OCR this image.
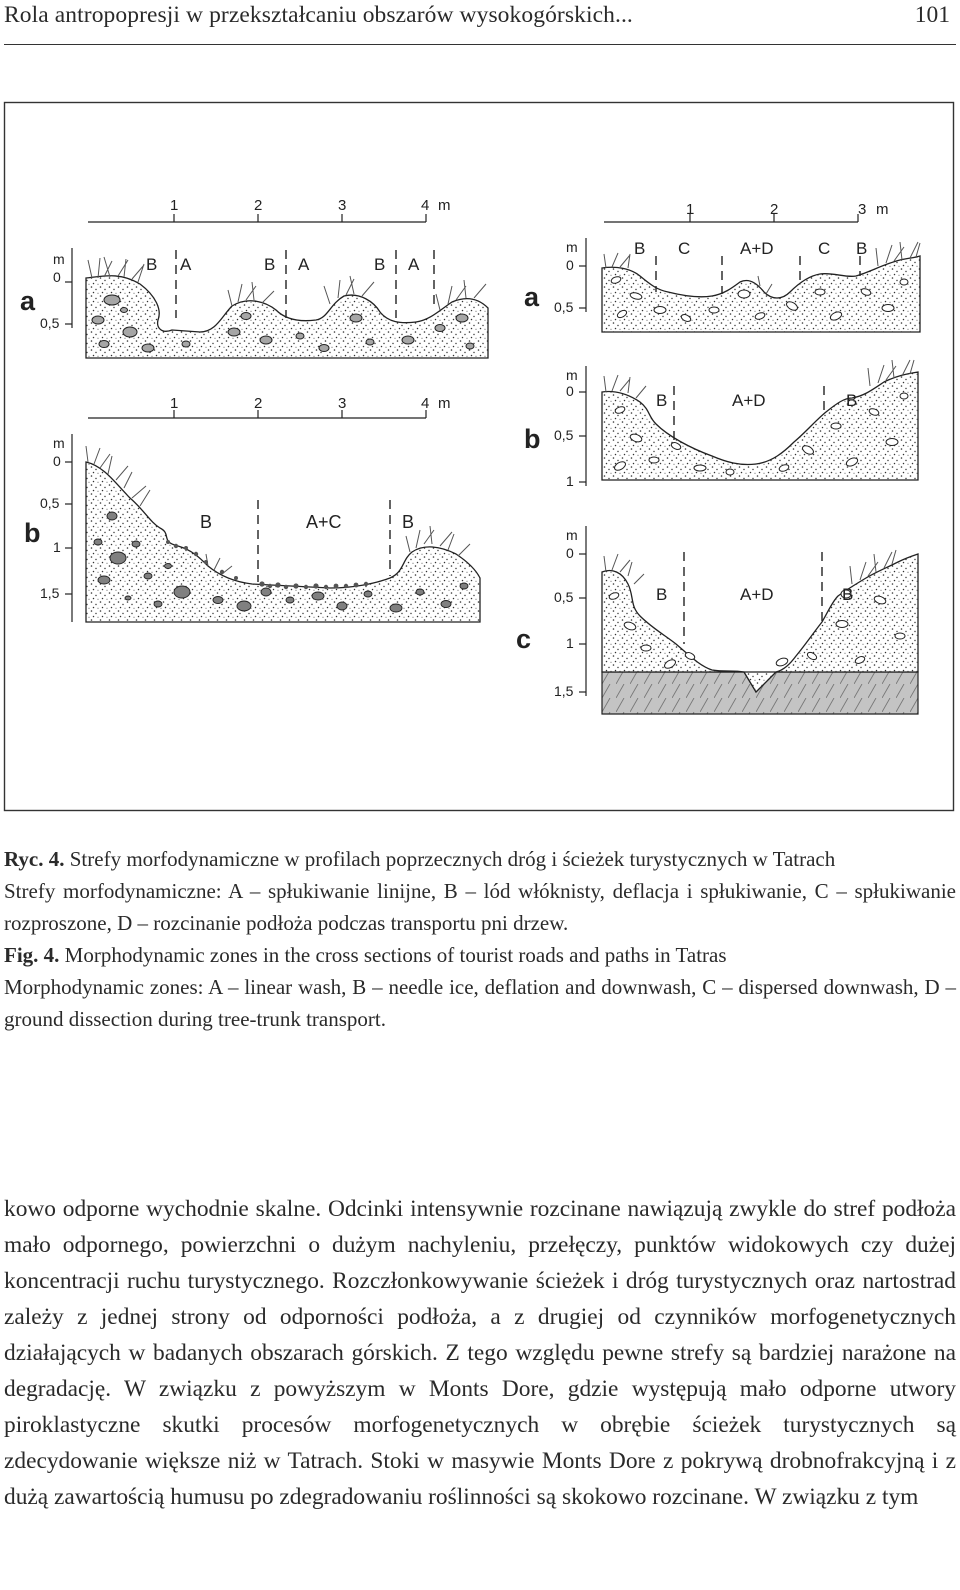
Rola antropopresji w przekształcaniu obszarów wysokogórskich...	101
1	2	3	4 m
m
0
0,5
a
B A	B A	B A
1	2	3	4 m
m
0
0,5
1
1,5
b	B	A+C	B
1	2	3 m
m
0
0,5
a
B C	A+D	C B
m
0
0,5
1
b
B	A+D	B
m
0
0,5
1
1,5
c
B	A+D	B

Ryc. 4. Strefy morfodynamiczne w profilach poprzecznych dróg i ścieżek turystycznych w Tatrach

Strefy morfodynamiczne: A – spłukiwanie linijne, B – lód włóknisty, deflacja i spłukiwanie, C – spłukiwanie rozproszone, D – rozcinanie podłoża podczas transportu pni drzew.

Fig. 4. Morphodynamic zones in the cross sections of tourist roads and paths in Tatras

Morphodynamic zones: A – linear wash, B – needle ice, deflation and downwash, C – dispersed downwash, D – ground dissection during tree-trunk transport.

kowo odporne wychodnie skalne. Odcinki intensywnie rozcinane nawiązują zwykle do stref podłoża mało odpornego, powierzchni o dużym nachyleniu, przełęczy, punktów widokowych czy dużej koncentracji ruchu turystycznego. Rozczłonkowywanie ścieżek i dróg turystycznych oraz nartostrad zależy z jednej strony od odporności podłoża, a z drugiej od czynników morfogenetycznych działających w badanych obszarach górskich. Z tego względu pewne strefy są bardziej narażone na degradację. W związku z powyższym w Monts Dore, gdzie występują mało odporne utwory piroklastyczne skutki procesów morfogenetycznych w obrębie ścieżek turystycznych są zdecydowanie większe niż w Tatrach. Stoki w masywie Monts Dore z pokrywą drobnofrakcyjną i z dużą zawartością humusu po zdegradowaniu roślinności są skokowo rozcinane. W związku z tym
